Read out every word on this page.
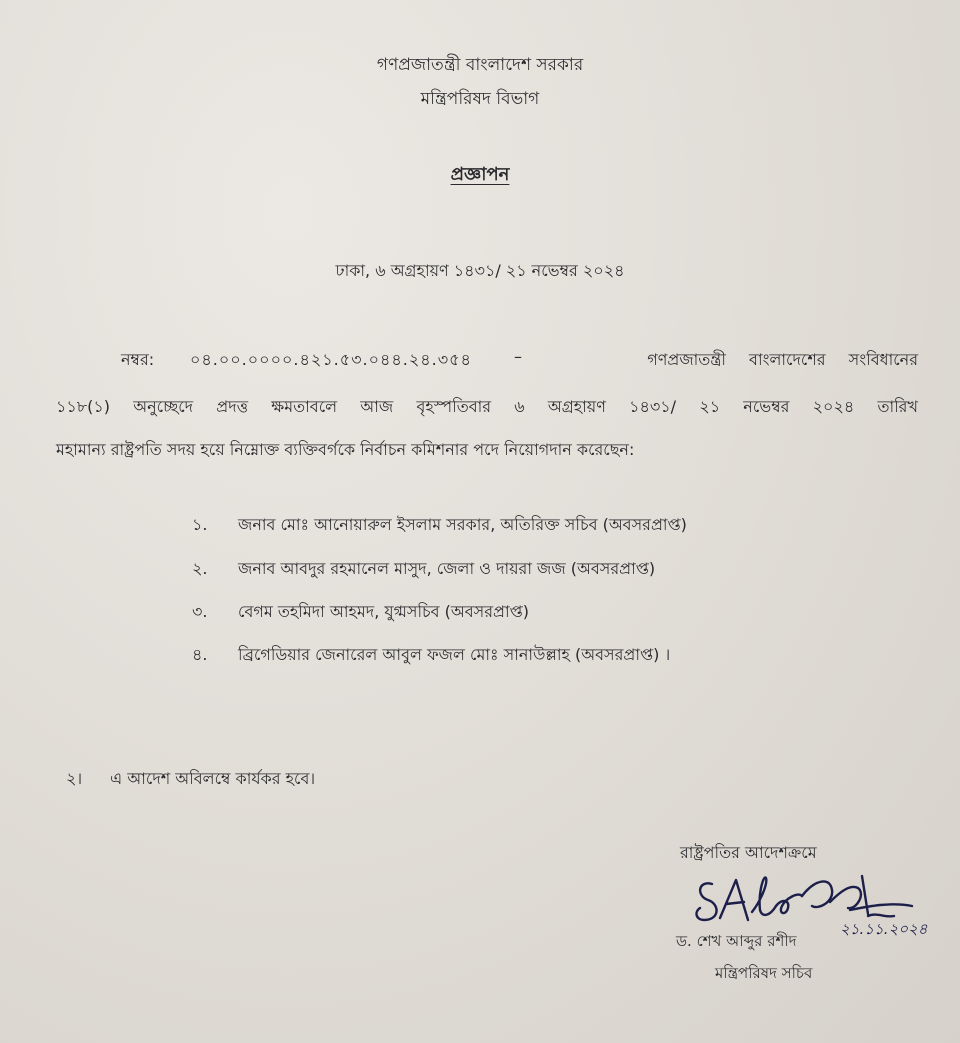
গণপ্রজাতন্ত্রী বাংলাদেশ সরকার
মন্ত্রিপরিষদ বিভাগ
প্রজ্ঞাপন
ঢাকা, ৬ অগ্রহায়ণ ১৪৩১/ ২১ নভেম্বর ২০২৪
নম্বর: ০৪.০০.০০০০.৪২১.৫৩.০৪৪.২৪.৩৫৪	–	গণপ্রজাতন্ত্রী বাংলাদেশের সংবিধানের
১১৮(১) অনুচ্ছেদে প্রদত্ত ক্ষমতাবলে আজ বৃহস্পতিবার ৬ অগ্রহায়ণ ১৪৩১/ ২১ নভেম্বর ২০২৪ তারিখ
মহামান্য রাষ্ট্রপতি সদয় হয়ে নিম্নোক্ত ব্যক্তিবর্গকে নির্বাচন কমিশনার পদে নিয়োগদান করেছেন:
১. জনাব মোঃ আনোয়ারুল ইসলাম সরকার, অতিরিক্ত সচিব (অবসরপ্রাপ্ত)
২. জনাব আবদুর রহমানেল মাসুদ, জেলা ও দায়রা জজ (অবসরপ্রাপ্ত)
৩. বেগম তহমিদা আহমদ, যুগ্মসচিব (অবসরপ্রাপ্ত)
৪. ব্রিগেডিয়ার জেনারেল আবুল ফজল মোঃ সানাউল্লাহ (অবসরপ্রাপ্ত) ।
২। এ আদেশ অবিলম্বে কার্যকর হবে।
রাষ্ট্রপতির আদেশক্রমে
২১.১১.২০২৪
ড. শেখ আব্দুর রশীদ
মন্ত্রিপরিষদ সচিব
